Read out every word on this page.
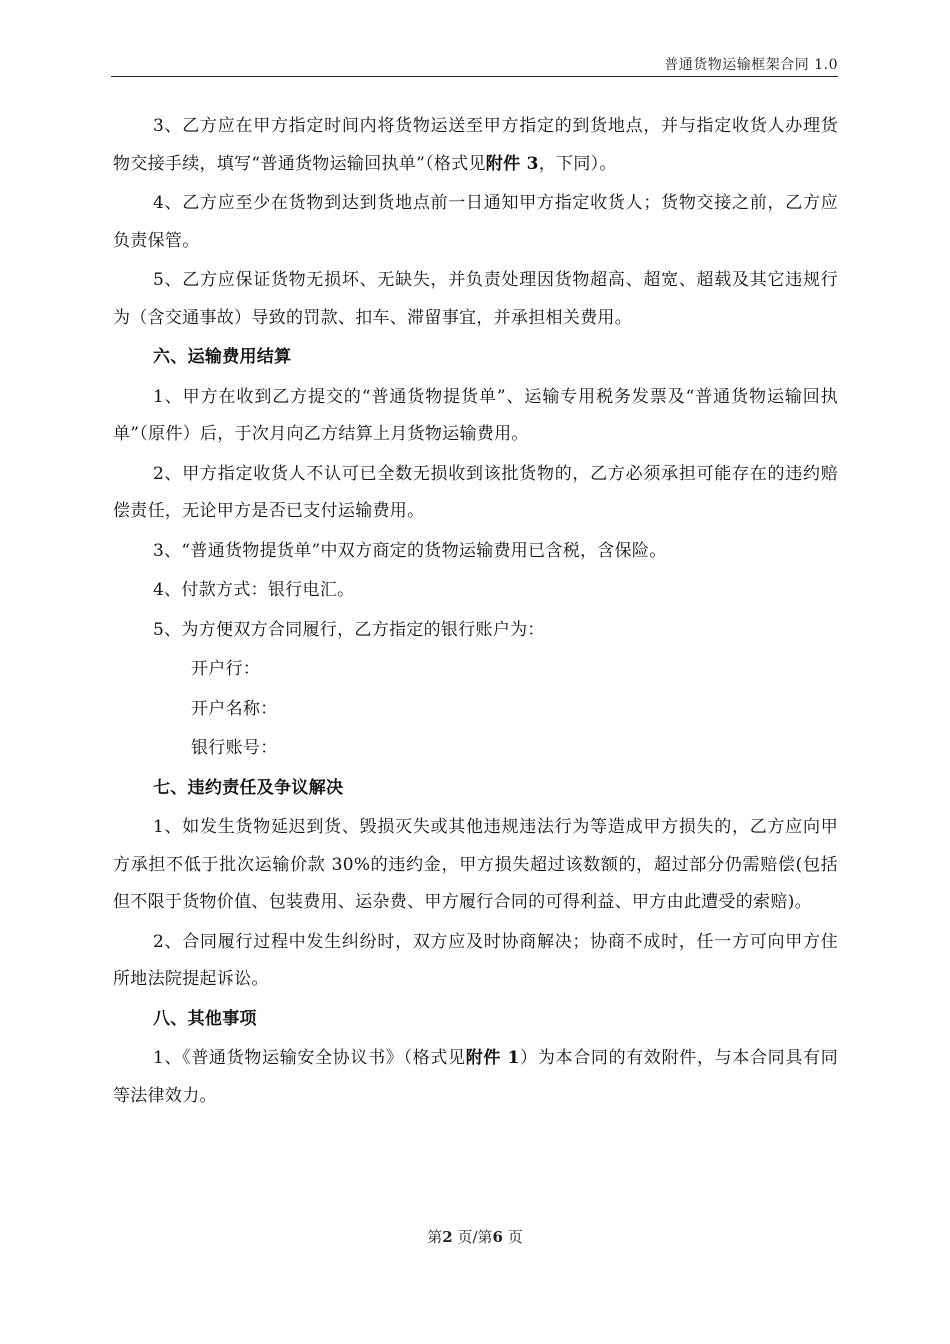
普通货物运输框架合同 1.0

3、乙方应在甲方指定时间内将货物运送至甲方指定的到货地点，并与指定收货人办理货物交接手续，填写“普通货物运输回执单”（格式见附件 3，下同）。

4、乙方应至少在货物到达到货地点前一日通知甲方指定收货人；货物交接之前，乙方应负责保管。

5、乙方应保证货物无损坏、无缺失，并负责处理因货物超高、超宽、超载及其它违规行为（含交通事故）导致的罚款、扣车、滞留事宜，并承担相关费用。

六、运输费用结算

1、甲方在收到乙方提交的“普通货物提货单”、运输专用税务发票及“普通货物运输回执单”（原件）后，于次月向乙方结算上月货物运输费用。

2、甲方指定收货人不认可已全数无损收到该批货物的，乙方必须承担可能存在的违约赔偿责任，无论甲方是否已支付运输费用。

3、“普通货物提货单”中双方商定的货物运输费用已含税，含保险。

4、付款方式：银行电汇。

5、为方便双方合同履行，乙方指定的银行账户为：

开户行：

开户名称：

银行账号：

七、违约责任及争议解决

1、如发生货物延迟到货、毁损灭失或其他违规违法行为等造成甲方损失的，乙方应向甲方承担不低于批次运输价款 30%的违约金，甲方损失超过该数额的，超过部分仍需赔偿(包括但不限于货物价值、包装费用、运杂费、甲方履行合同的可得利益、甲方由此遭受的索赔)。

2、合同履行过程中发生纠纷时，双方应及时协商解决；协商不成时，任一方可向甲方住所地法院提起诉讼。

八、其他事项

1、《普通货物运输安全协议书》（格式见附件 1）为本合同的有效附件，与本合同具有同等法律效力。

第2 页/第6 页
